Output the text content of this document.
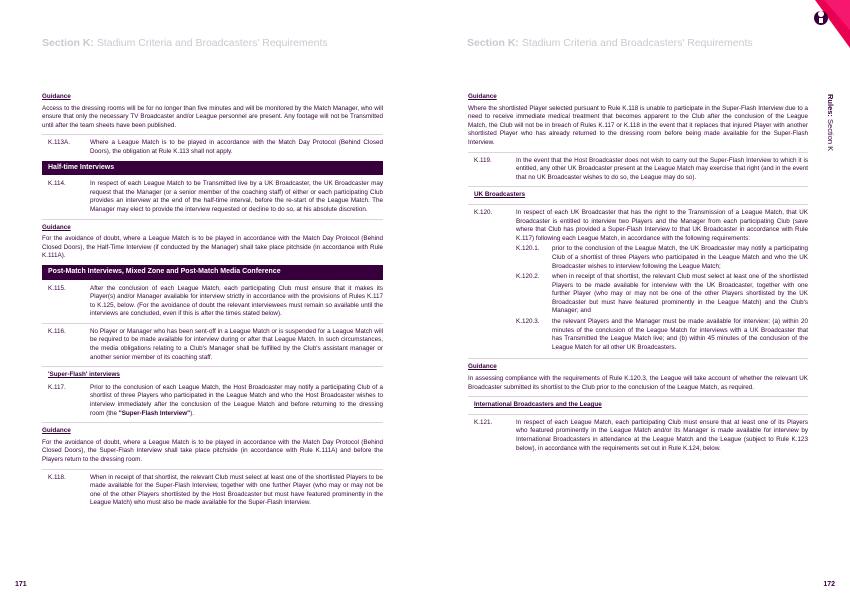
Section K: Stadium Criteria and Broadcasters' Requirements
Guidance
Access to the dressing rooms will be for no longer than five minutes and will be monitored by the Match Manager, who will ensure that only the necessary TV Broadcaster and/or League personnel are present. Any footage will not be Transmitted until after the team sheets have been published.
K.113A.	Where a League Match is to be played in accordance with the Match Day Protocol (Behind Closed Doors), the obligation at Rule K.113 shall not apply.
Half-time Interviews
K.114.	In respect of each League Match to be Transmitted live by a UK Broadcaster, the UK Broadcaster may request that the Manager (or a senior member of the coaching staff) of either or each participating Club provides an interview at the end of the half-time interval, before the re-start of the League Match. The Manager may elect to provide the interview requested or decline to do so, at his absolute discretion.
Guidance
For the avoidance of doubt, where a League Match is to be played in accordance with the Match Day Protocol (Behind Closed Doors), the Half-Time Interview (if conducted by the Manager) shall take place pitchside (in accordance with Rule K.111A).
Post-Match Interviews, Mixed Zone and Post-Match Media Conference
K.115.	After the conclusion of each League Match, each participating Club must ensure that it makes its Player(s) and/or Manager available for interview strictly in accordance with the provisions of Rules K.117 to K.125, below. (For the avoidance of doubt the relevant interviewees must remain so available until the interviews are concluded, even if this is after the times stated below).
K.116.	No Player or Manager who has been sent-off in a League Match or is suspended for a League Match will be required to be made available for interview during or after that League Match. In such circumstances, the media obligations relating to a Club's Manager shall be fulfilled by the Club's assistant manager or another senior member of its coaching staff.
'Super-Flash' interviews
K.117.	Prior to the conclusion of each League Match, the Host Broadcaster may notify a participating Club of a shortlist of three Players who participated in the League Match and who the Host Broadcaster wishes to interview immediately after the conclusion of the League Match and before returning to the dressing room (the "Super-Flash Interview").
Guidance
For the avoidance of doubt, where a League Match is to be played in accordance with the Match Day Protocol (Behind Closed Doors), the Super-Flash Interview shall take place pitchside (in accordance with Rule K.111A) and before the Players return to the dressing room.
K.118.	When in receipt of that shortlist, the relevant Club must select at least one of the shortlisted Players to be made available for the Super-Flash Interview, together with one further Player (who may or may not be one of the other Players shortlisted by the Host Broadcaster but must have featured prominently in the League Match) who must also be made available for the Super-Flash Interview.
171
Section K: Stadium Criteria and Broadcasters' Requirements
Guidance
Where the shortlisted Player selected pursuant to Rule K.118 is unable to participate in the Super-Flash Interview due to a need to receive immediate medical treatment that becomes apparent to the Club after the conclusion of the League Match, the Club will not be in breach of Rules K.117 or K.118 in the event that it replaces that injured Player with another shortlisted Player who has already returned to the dressing room before being made available for the Super-Flash Interview.
K.119.	In the event that the Host Broadcaster does not wish to carry out the Super-Flash Interview to which it is entitled, any other UK Broadcaster present at the League Match may exercise that right (and in the event that no UK Broadcaster wishes to do so, the League may do so).
UK Broadcasters
K.120.	In respect of each UK Broadcaster that has the right to the Transmission of a League Match, that UK Broadcaster is entitled to interview two Players and the Manager from each participating Club (save where that Club has provided a Super-Flash Interview to that UK Broadcaster in accordance with Rule K.117) following each League Match, in accordance with the following requirements:
K.120.1.	prior to the conclusion of the League Match, the UK Broadcaster may notify a participating Club of a shortlist of three Players who participated in the League Match and who the UK Broadcaster wishes to interview following the League Match;
K.120.2.	when in receipt of that shortlist, the relevant Club must select at least one of the shortlisted Players to be made available for interview with the UK Broadcaster, together with one further Player (who may or may not be one of the other Players shortlisted by the UK Broadcaster but must have featured prominently in the League Match) and the Club's Manager; and
K.120.3.	the relevant Players and the Manager must be made available for interview: (a) within 20 minutes of the conclusion of the League Match for interviews with a UK Broadcaster that has Transmitted the League Match live; and (b) within 45 minutes of the conclusion of the League Match for all other UK Broadcasters.
Guidance
In assessing compliance with the requirements of Rule K.120.3, the League will take account of whether the relevant UK Broadcaster submitted its shortlist to the Club prior to the conclusion of the League Match, as required.
International Broadcasters and the League
K.121.	In respect of each League Match, each participating Club must ensure that at least one of its Players who featured prominently in the League Match and/or its Manager is made available for interview by International Broadcasters in attendance at the League Match and the League (subject to Rule K.123 below), in accordance with the requirements set out in Rule K.124, below.
172
Rules: Section K
